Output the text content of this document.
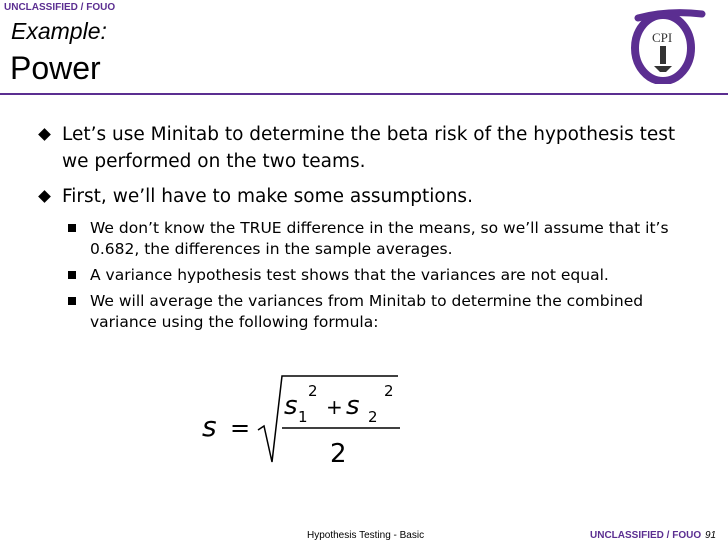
UNCLASSIFIED / FOUO
Example:
Power
CPI
Let’s use Minitab to determine the beta risk of the hypothesis test we performed on the two teams.
First, we’ll have to make some assumptions.
We don’t know the TRUE difference in the means, so we’ll assume that it’s 0.682, the differences in the sample averages.
A variance hypothesis test shows that the variances are not equal.
We will average the variances from Minitab to determine the combined variance using the following formula:
s =
s 1
2
+ s 2
2
2
Hypothesis Testing - Basic	UNCLASSIFIED / FOUO 91
